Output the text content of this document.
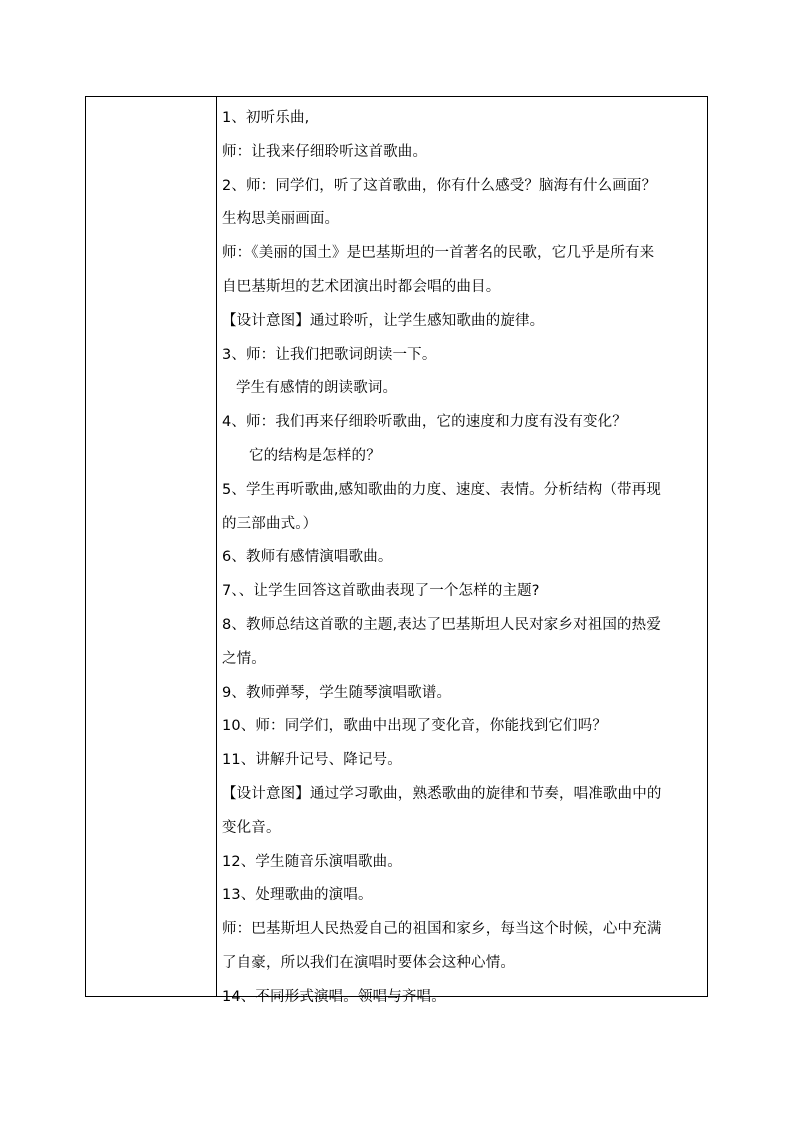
1、初听乐曲,
师：让我来仔细聆听这首歌曲。
2、师：同学们，听了这首歌曲，你有什么感受？脑海有什么画面？
生构思美丽画面。
师：《美丽的国土》是巴基斯坦的一首著名的民歌，它几乎是所有来
自巴基斯坦的艺术团演出时都会唱的曲目。
【设计意图】通过聆听，让学生感知歌曲的旋律。
3、师：让我们把歌词朗读一下。
学生有感情的朗读歌词。
4、师：我们再来仔细聆听歌曲，它的速度和力度有没有变化？
它的结构是怎样的？
5、学生再听歌曲,感知歌曲的力度、速度、表情。分析结构（带再现
的三部曲式。）
6、教师有感情演唱歌曲。
7、、让学生回答这首歌曲表现了一个怎样的主题?
8、教师总结这首歌的主题,表达了巴基斯坦人民对家乡对祖国的热爱
之情。
9、教师弹琴，学生随琴演唱歌谱。
10、师：同学们，歌曲中出现了变化音，你能找到它们吗？
11、讲解升记号、降记号。
【设计意图】通过学习歌曲，熟悉歌曲的旋律和节奏，唱准歌曲中的
变化音。
12、学生随音乐演唱歌曲。
13、处理歌曲的演唱。
师：巴基斯坦人民热爱自己的祖国和家乡，每当这个时候，心中充满
了自豪，所以我们在演唱时要体会这种心情。
14、不同形式演唱。领唱与齐唱。
